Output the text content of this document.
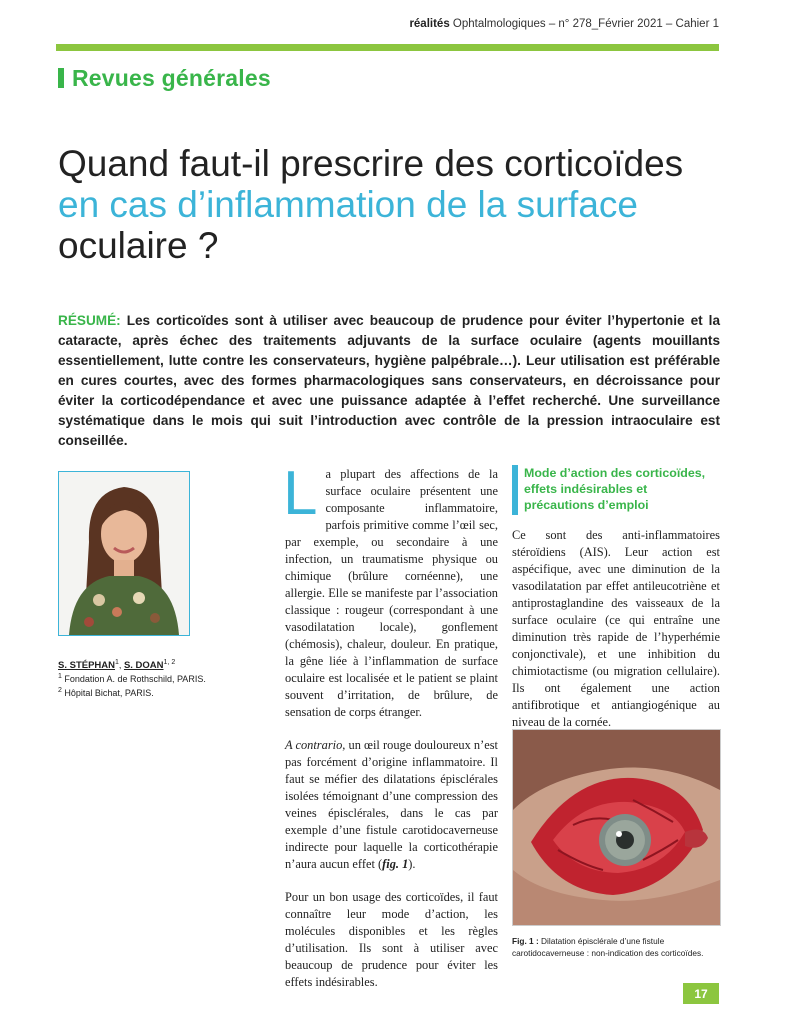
réalités Ophtalmologiques – n° 278_Février 2021 – Cahier 1
Revues générales
Quand faut-il prescrire des corticoïdes
en cas d’inflammation de la surface
oculaire ?
RÉSUMÉ: Les corticoïdes sont à utiliser avec beaucoup de prudence pour éviter l’hypertonie et la cataracte, après échec des traitements adjuvants de la surface oculaire (agents mouillants essentiellement, lutte contre les conservateurs, hygiène palpébrale…). Leur utilisation est préférable en cures courtes, avec des formes pharmacologiques sans conservateurs, en décroissance pour éviter la corticodépendance et avec une puissance adaptée à l’effet recherché. Une surveillance systématique dans le mois qui suit l’introduction avec contrôle de la pression intraoculaire est conseillée.
S. STÉPHAN$^1$, S. DOAN$^{1, 2}$
$^1$ Fondation A. de Rothschild, PARIS.
$^2$ Hôpital Bichat, PARIS.

La plupart des affections de la surface oculaire présentent une composante inflammatoire, parfois primitive comme l’œil sec, par exemple, ou secondaire à une infection, un traumatisme physique ou chimique (brûlure cornéenne), une allergie. Elle se manifeste par l’association classique : rougeur (correspondant à une vasodilatation locale), gonflement (chémosis), chaleur, douleur. En pratique, la gêne liée à l’inflammation de surface oculaire est localisée et le patient se plaint souvent d’irritation, de brûlure, de sensation de corps étranger.

A contrario, un œil rouge douloureux n’est pas forcément d’origine inflammatoire. Il faut se méfier des dilatations épisclérales isolées témoignant d’une compression des veines épisclérales, dans le cas par exemple d’une fistule carotidocaverneuse indirecte pour laquelle la corticothérapie n’aura aucun effet (fig. 1).

Pour un bon usage des corticoïdes, il faut connaître leur mode d’action, les molécules disponibles et les règles d’utilisation. Ils sont à utiliser avec beaucoup de prudence pour éviter les effets indésirables.

Mode d’action des corticoïdes, effets indésirables et précautions d’emploi

Ce sont des anti-inflammatoires stéroïdiens (AIS). Leur action est aspécifique, avec une diminution de la vasodilatation par effet antileucotriène et antiprostaglandine des vaisseaux de la surface oculaire (ce qui entraîne une diminution très rapide de l’hyperhémie conjonctivale), et une inhibition du chimiotactisme (ou migration cellulaire). Ils ont également une action antifibrotique et antiangiogénique au niveau de la cornée.

Fig. 1 : Dilatation épisclérale d’une fistule carotidocaverneuse : non-indication des corticoïdes.
17
